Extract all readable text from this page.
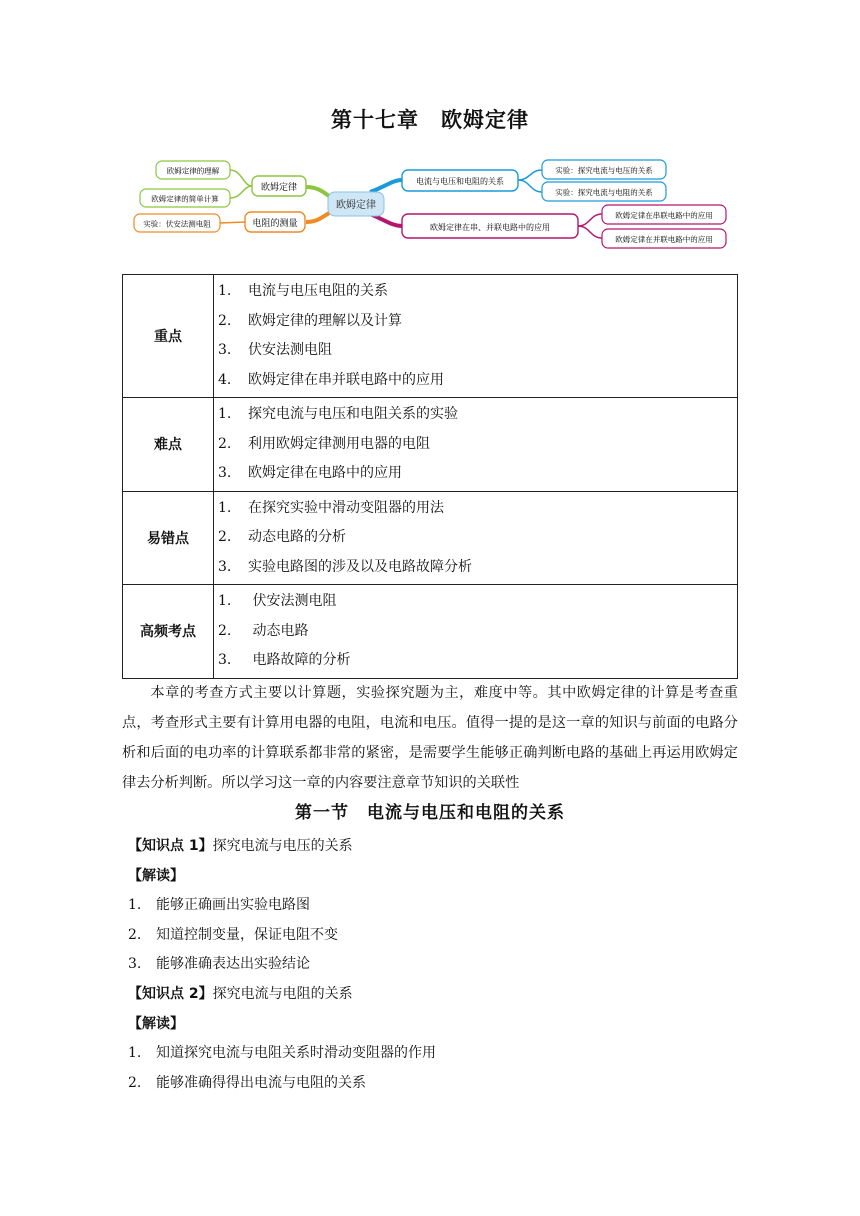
第十七章　欧姆定律
欧姆定律
欧姆定律
欧姆定律的理解
欧姆定律的简单计算
电阻的测量
实验：伏安法测电阻
电流与电压和电阻的关系
实验：探究电流与电压的关系
实验：探究电流与电阻的关系
欧姆定律在串、并联电路中的应用
欧姆定律在串联电路中的应用
欧姆定律在并联电路中的应用
重点	1. 电流与电压电阻的关系
2. 欧姆定律的理解以及计算
3. 伏安法测电阻
4. 欧姆定律在串并联电路中的应用

难点	1. 探究电流与电压和电阻关系的实验
2. 利用欧姆定律测用电器的电阻
3. 欧姆定律在电路中的应用

易错点	1. 在探究实验中滑动变阻器的用法
2. 动态电路的分析
3. 实验电路图的涉及以及电路故障分析

高频考点	1. 伏安法测电阻
2. 动态电路
3. 电路故障的分析
本章的考查方式主要以计算题，实验探究题为主，难度中等。其中欧姆定律的计算是考查重点，考查形式主要有计算用电器的电阻，电流和电压。值得一提的是这一章的知识与前面的电路分析和后面的电功率的计算联系都非常的紧密，是需要学生能够正确判断电路的基础上再运用欧姆定律去分析判断。所以学习这一章的内容要注意章节知识的关联性
第一节　电流与电压和电阻的关系
【知识点 1】探究电流与电压的关系
【解读】
1. 能够正确画出实验电路图
2. 知道控制变量，保证电阻不变
3. 能够准确表达出实验结论
【知识点 2】探究电流与电阻的关系
【解读】
1. 知道探究电流与电阻关系时滑动变阻器的作用
2. 能够准确得得出电流与电阻的关系
